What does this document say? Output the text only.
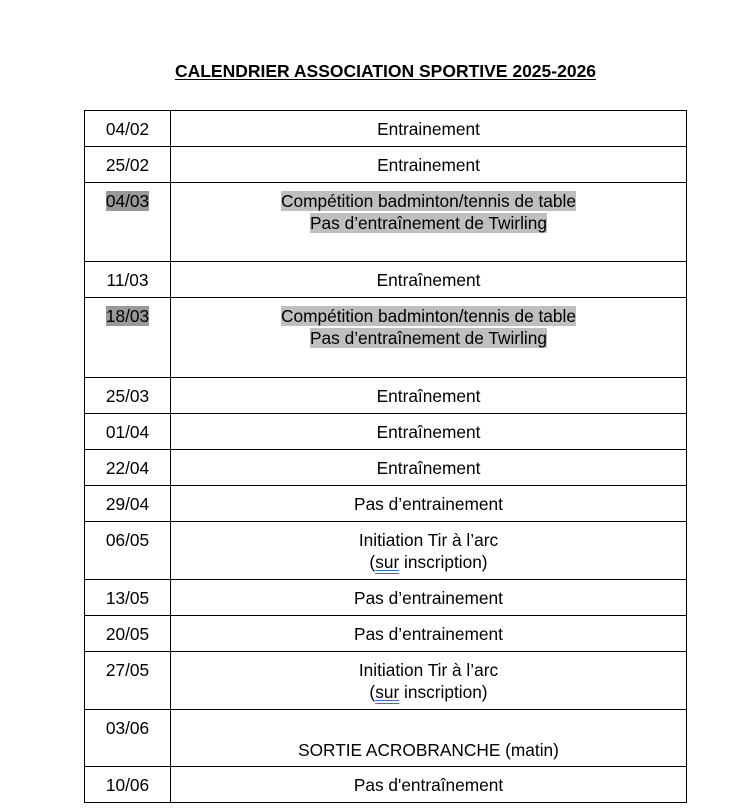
CALENDRIER ASSOCIATION SPORTIVE 2025-2026
04/02	Entrainement

25/02	Entrainement

04/03	Compétition badminton/tennis de table
Pas d’entraînement de Twirling

11/03	Entraînement

18/03	Compétition badminton/tennis de table
Pas d’entraînement de Twirling

25/03	Entraînement

01/04	Entraînement

22/04	Entraînement

29/04	Pas d’entrainement

06/05	Initiation Tir à l’arc
(sur inscription)

13/05	Pas d’entrainement

20/05	Pas d’entrainement

27/05	Initiation Tir à l’arc
(sur inscription)

03/06	SORTIE ACROBRANCHE (matin)

10/06	Pas d'entraînement
